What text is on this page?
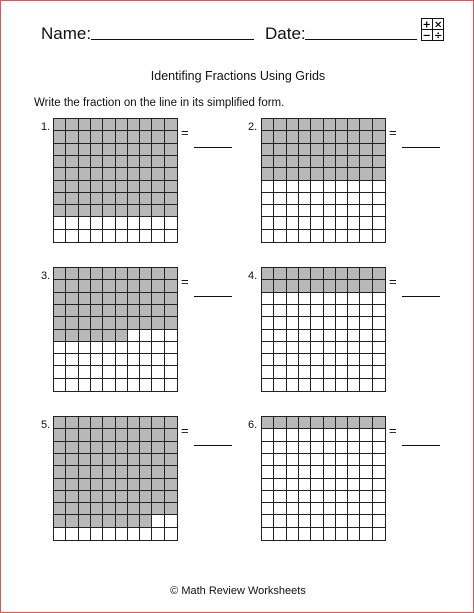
Name:	Date:	+ ×
− ÷
Identifing Fractions Using Grids
Write the fraction on the line in its simplified form.
1.	=	2.	=
3.	=	4.	=
5.	=	6.	=
© Math Review Worksheets
